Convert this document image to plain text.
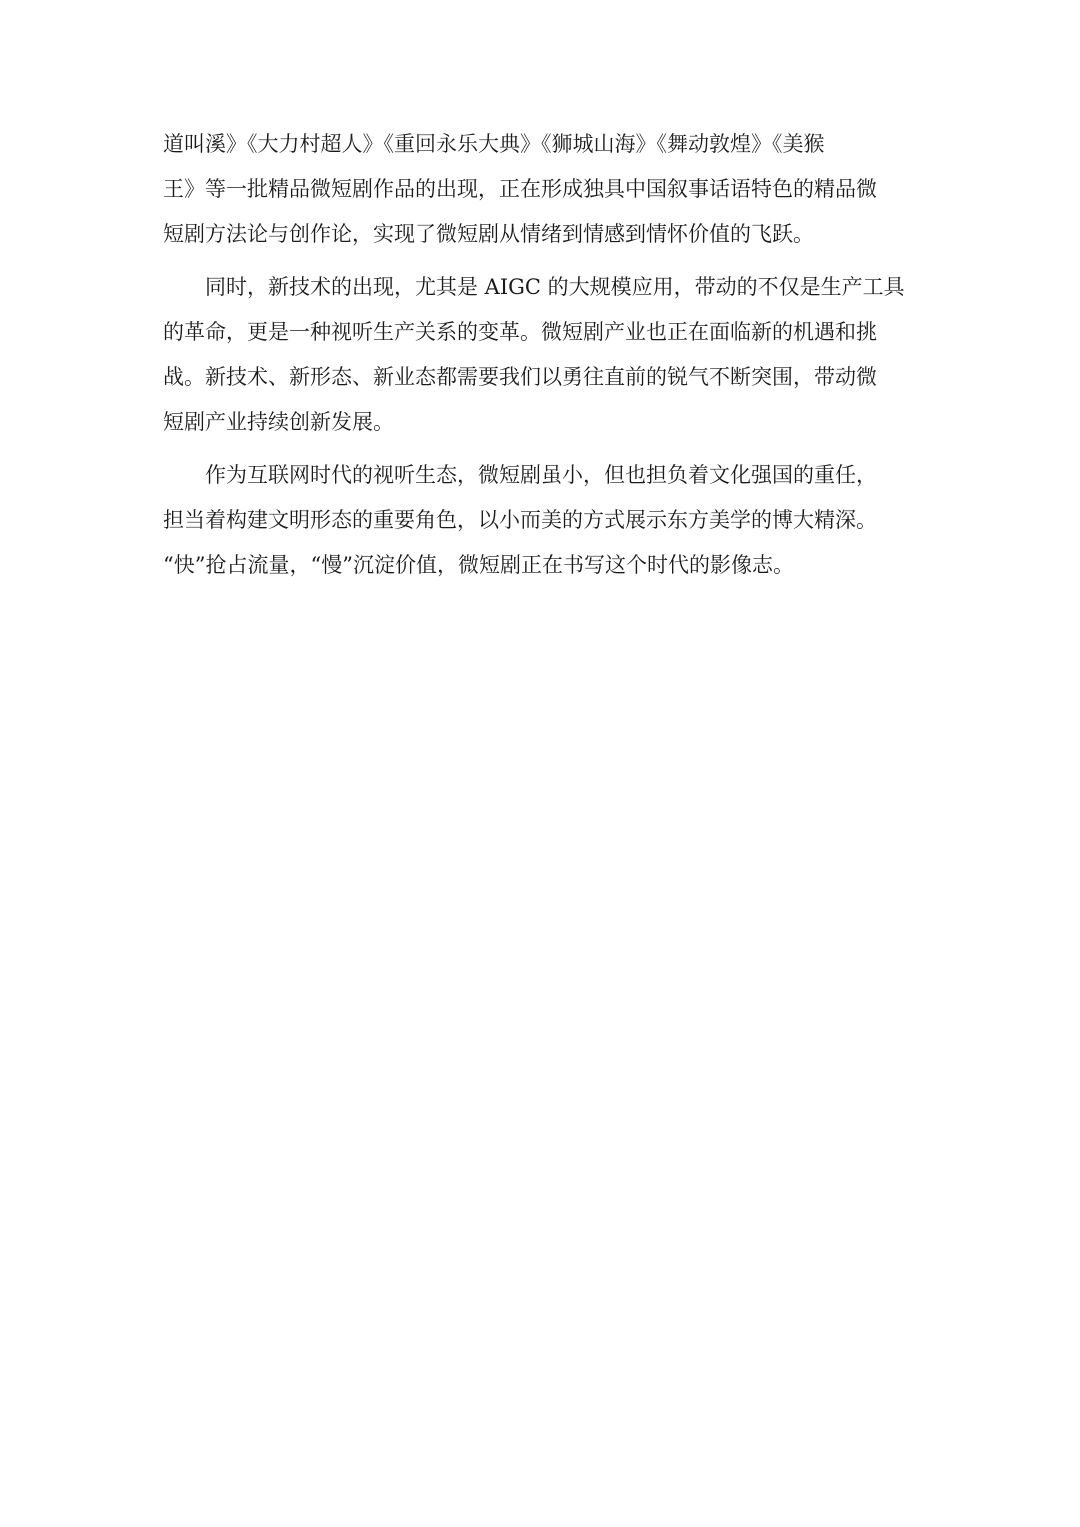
道叫溪》《大力村超人》《重回永乐大典》《狮城山海》《舞动敦煌》《美猴
王》等一批精品微短剧作品的出现，正在形成独具中国叙事话语特色的精品微
短剧方法论与创作论，实现了微短剧从情绪到情感到情怀价值的飞跃。
同时，新技术的出现，尤其是 AIGC 的大规模应用，带动的不仅是生产工具
的革命，更是一种视听生产关系的变革。微短剧产业也正在面临新的机遇和挑
战。新技术、新形态、新业态都需要我们以勇往直前的锐气不断突围，带动微
短剧产业持续创新发展。
作为互联网时代的视听生态，微短剧虽小，但也担负着文化强国的重任，
担当着构建文明形态的重要角色，以小而美的方式展示东方美学的博大精深。
“快”抢占流量，“慢”沉淀价值，微短剧正在书写这个时代的影像志。
